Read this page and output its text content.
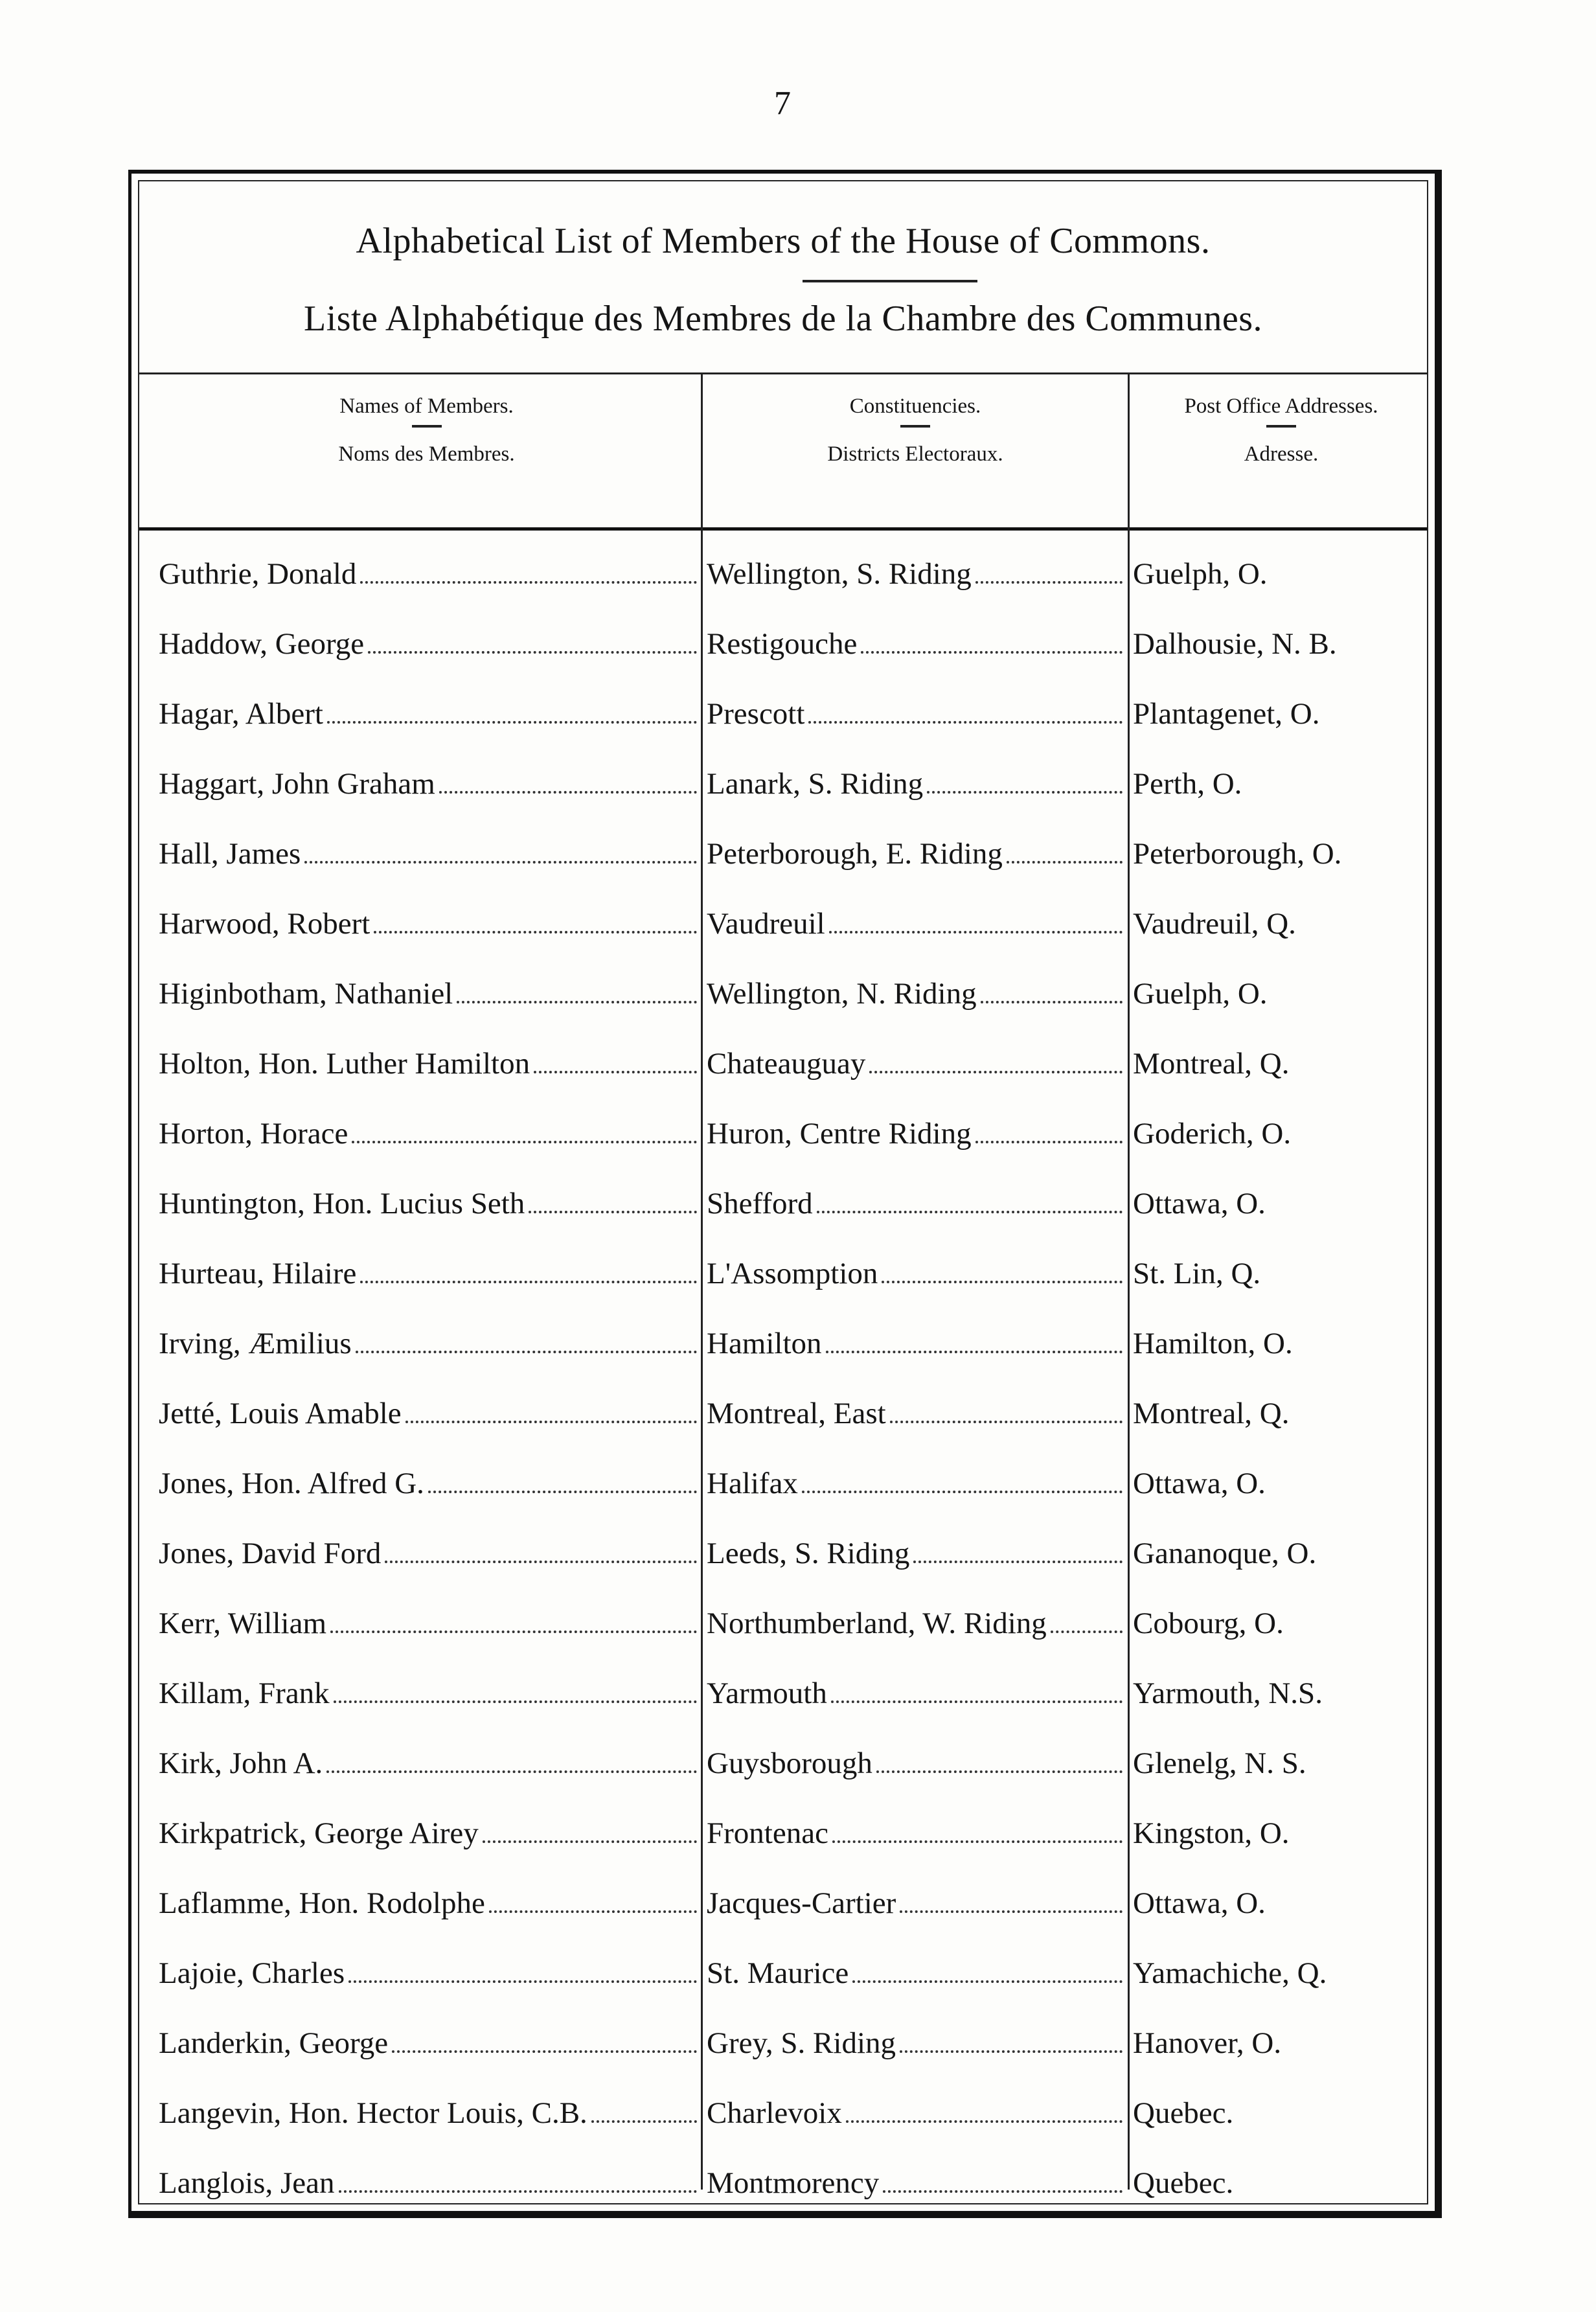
7
Alphabetical List of Members of the House of Commons.
Liste Alphabétique des Membres de la Chambre des Communes.
Names of Members.
Noms des Membres.
Constituencies.
Districts Electoraux.
Post Office Addresses.
Adresse.
Guthrie, Donald	Wellington, S. Riding	Guelph, O.
Haddow, George	Restigouche	Dalhousie, N. B.
Hagar, Albert	Prescott	Plantagenet, O.
Haggart, John Graham	Lanark, S. Riding	Perth, O.
Hall, James	Peterborough, E. Riding	Peterborough, O.
Harwood, Robert	Vaudreuil	Vaudreuil, Q.
Higinbotham, Nathaniel	Wellington, N. Riding	Guelph, O.
Holton, Hon. Luther Hamilton	Chateauguay	Montreal, Q.
Horton, Horace	Huron, Centre Riding	Goderich, O.
Huntington, Hon. Lucius Seth	Shefford	Ottawa, O.
Hurteau, Hilaire	L'Assomption	St. Lin, Q.
Irving, Æmilius	Hamilton	Hamilton, O.
Jetté, Louis Amable	Montreal, East	Montreal, Q.
Jones, Hon. Alfred G.	Halifax	Ottawa, O.
Jones, David Ford	Leeds, S. Riding	Gananoque, O.
Kerr, William	Northumberland, W. Riding	Cobourg, O.
Killam, Frank	Yarmouth	Yarmouth, N.S.
Kirk, John A.	Guysborough	Glenelg, N. S.
Kirkpatrick, George Airey	Frontenac	Kingston, O.
Laflamme, Hon. Rodolphe	Jacques-Cartier	Ottawa, O.
Lajoie, Charles	St. Maurice	Yamachiche, Q.
Landerkin, George	Grey, S. Riding	Hanover, O.
Langevin, Hon. Hector Louis, C.B.	Charlevoix	Quebec.
Langlois, Jean	Montmorency	Quebec.
